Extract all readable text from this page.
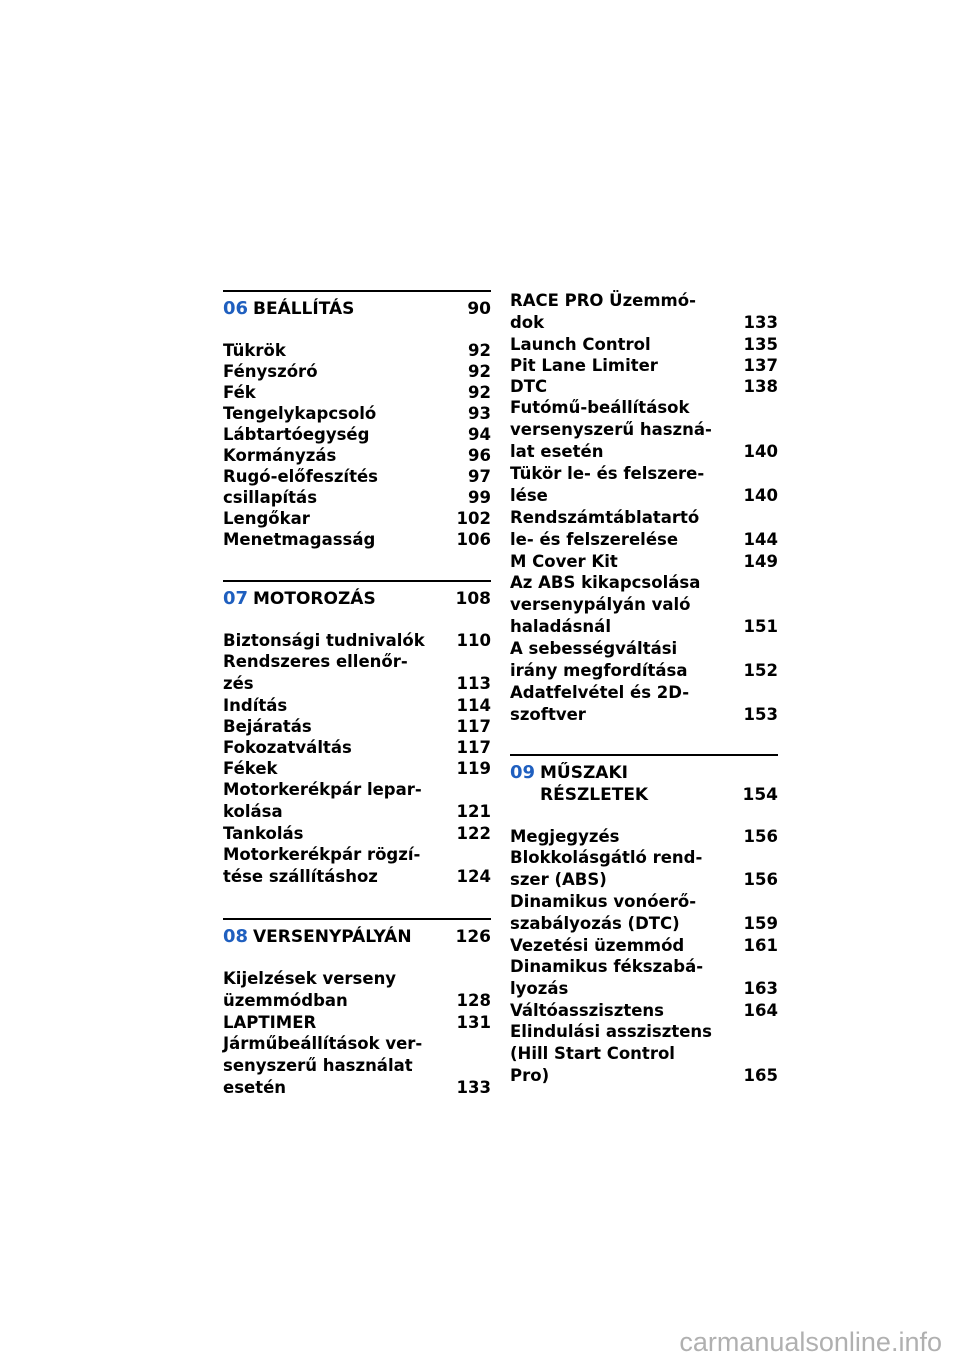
06 BEÁLLÍTÁS	90
Tükrök	92
Fényszóró	92
Fék	92
Tengelykapcsoló	93
Lábtartóegység	94
Kormányzás	96
Rugó-előfeszítés	97
csillapítás	99
Lengőkar	102
Menetmagasság	106
07 MOTOROZÁS	108
Biztonsági tudnivalók	110
Rendszeres ellenőr-
zés	113
Indítás	114
Bejáratás	117
Fokozatváltás	117
Fékek	119
Motorkerékpár lepar-
kolása	121
Tankolás	122
Motorkerékpár rögzí-
tése szállításhoz	124
08 VERSENYPÁLYÁN	126
Kijelzések verseny
üzemmódban	128
LAPTIMER	131
Járműbeállítások ver-
senyszerű használat
esetén	133
RACE PRO Üzemmó-
dok	133
Launch Control	135
Pit Lane Limiter	137
DTC	138
Futómű-beállítások
versenyszerű haszná-
lat esetén	140
Tükör le- és felszere-
lése	140
Rendszámtáblatartó
le- és felszerelése	144
M Cover Kit	149
Az ABS kikapcsolása
versenypályán való
haladásnál	151
A sebességváltási
irány megfordítása	152
Adatfelvétel és 2D-
szoftver	153
09 MŰSZAKI
RÉSZLETEK	154
Megjegyzés	156
Blokkolásgátló rend-
szer (ABS)	156
Dinamikus vonóerő-
szabályozás (DTC)	159
Vezetési üzemmód	161
Dinamikus fékszabá-
lyozás	163
Váltóasszisztens	164
Elindulási asszisztens
(Hill Start Control
Pro)	165
carmanualsonline.info
